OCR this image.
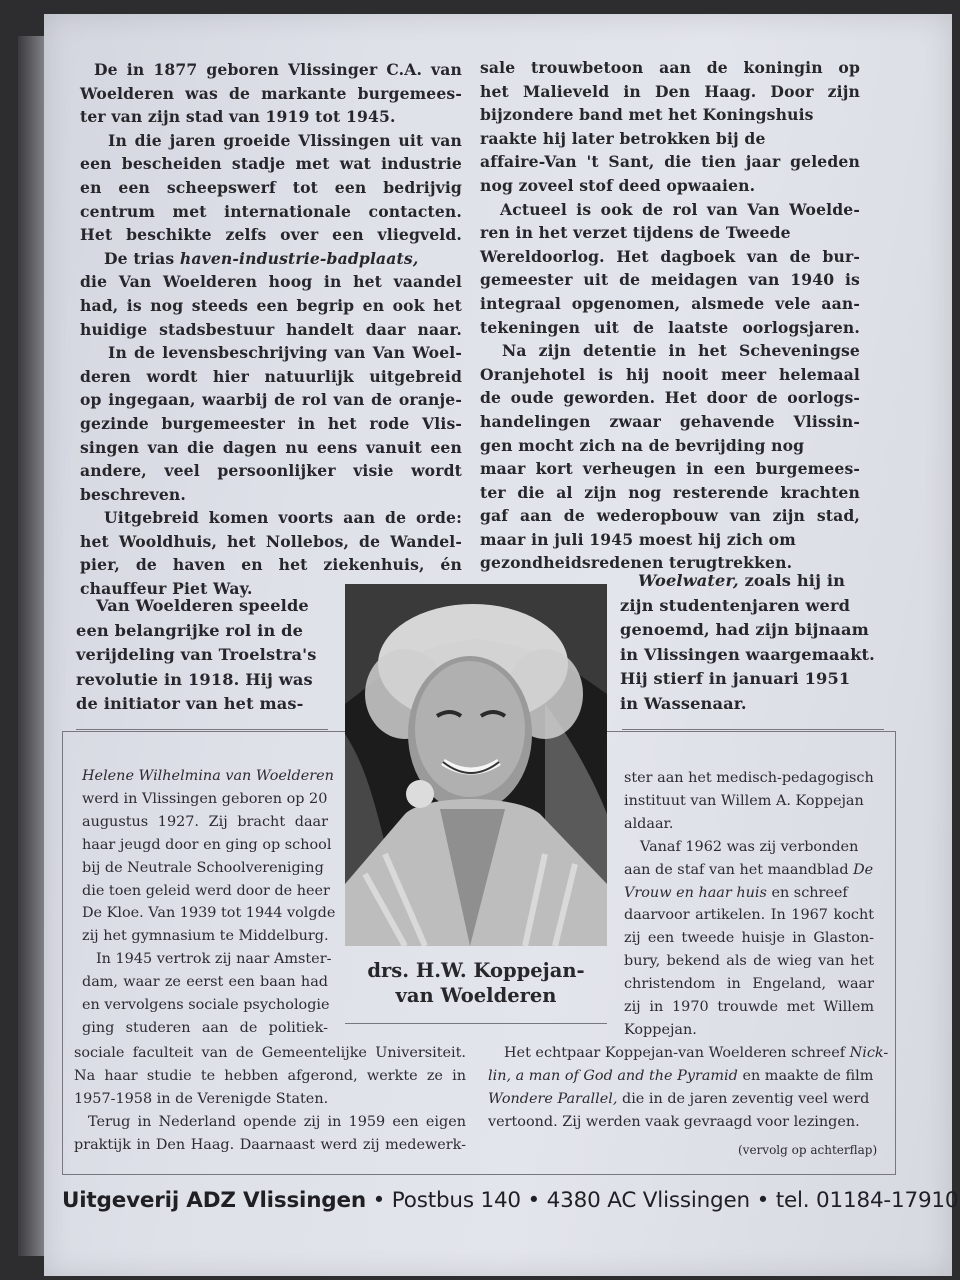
De in 1877 geboren Vlissinger C.A. van
Woelderen was de markante burgemees-
ter van zijn stad van 1919 tot 1945.
In die jaren groeide Vlissingen uit van
een bescheiden stadje met wat industrie
en een scheepswerf tot een bedrijvig
centrum met internationale contacten.
Het beschikte zelfs over een vliegveld.
De trias haven-industrie-badplaats,
die Van Woelderen hoog in het vaandel
had, is nog steeds een begrip en ook het
huidige stadsbestuur handelt daar naar.
In de levensbeschrijving van Van Woel-
deren wordt hier natuurlijk uitgebreid
op ingegaan, waarbij de rol van de oranje-
gezinde burgemeester in het rode Vlis-
singen van die dagen nu eens vanuit een
andere, veel persoonlijker visie wordt
beschreven.
Uitgebreid komen voorts aan de orde:
het Wooldhuis, het Nollebos, de Wandel-
pier, de haven en het ziekenhuis, én
chauffeur Piet Way.
Van Woelderen speelde
een belangrijke rol in de
verijdeling van Troelstra's
revolutie in 1918. Hij was
de initiator van het mas-
sale trouwbetoon aan de koningin op
het Malieveld in Den Haag. Door zijn
bijzondere band met het Koningshuis
raakte hij later betrokken bij de
affaire-Van 't Sant, die tien jaar geleden
nog zoveel stof deed opwaaien.
Actueel is ook de rol van Van Woelde-
ren in het verzet tijdens de Tweede
Wereldoorlog. Het dagboek van de bur-
gemeester uit de meidagen van 1940 is
integraal opgenomen, alsmede vele aan-
tekeningen uit de laatste oorlogsjaren.
Na zijn detentie in het Scheveningse
Oranjehotel is hij nooit meer helemaal
de oude geworden. Het door de oorlogs-
handelingen zwaar gehavende Vlissin-
gen mocht zich na de bevrijding nog
maar kort verheugen in een burgemees-
ter die al zijn nog resterende krachten
gaf aan de wederopbouw van zijn stad,
maar in juli 1945 moest hij zich om
gezondheidsredenen terugtrekken.
Woelwater, zoals hij in
zijn studentenjaren werd
genoemd, had zijn bijnaam
in Vlissingen waargemaakt.
Hij stierf in januari 1951
in Wassenaar.
drs. H.W. Koppejan-
van Woelderen
Helene Wilhelmina van Woelderen
werd in Vlissingen geboren op 20
augustus 1927. Zij bracht daar
haar jeugd door en ging op school
bij de Neutrale Schoolvereniging
die toen geleid werd door de heer
De Kloe. Van 1939 tot 1944 volgde
zij het gymnasium te Middelburg.
In 1945 vertrok zij naar Amster-
dam, waar ze eerst een baan had
en vervolgens sociale psychologie
ging studeren aan de politiek-
sociale faculteit van de Gemeentelijke Universiteit.
Na haar studie te hebben afgerond, werkte ze in
1957-1958 in de Verenigde Staten.
Terug in Nederland opende zij in 1959 een eigen
praktijk in Den Haag. Daarnaast werd zij medewerk-
ster aan het medisch-pedagogisch
instituut van Willem A. Koppejan
aldaar.
Vanaf 1962 was zij verbonden
aan de staf van het maandblad De
Vrouw en haar huis en schreef
daarvoor artikelen. In 1967 kocht
zij een tweede huisje in Glaston-
bury, bekend als de wieg van het
christendom in Engeland, waar
zij in 1970 trouwde met Willem
Koppejan.
Het echtpaar Koppejan-van Woelderen schreef Nick-
lin, a man of God and the Pyramid en maakte de film
Wondere Parallel, die in de jaren zeventig veel werd
vertoond. Zij werden vaak gevraagd voor lezingen.
(vervolg op achterflap)
Uitgeverij ADZ Vlissingen • Postbus 140 • 4380 AC Vlissingen • tel. 01184-17910
